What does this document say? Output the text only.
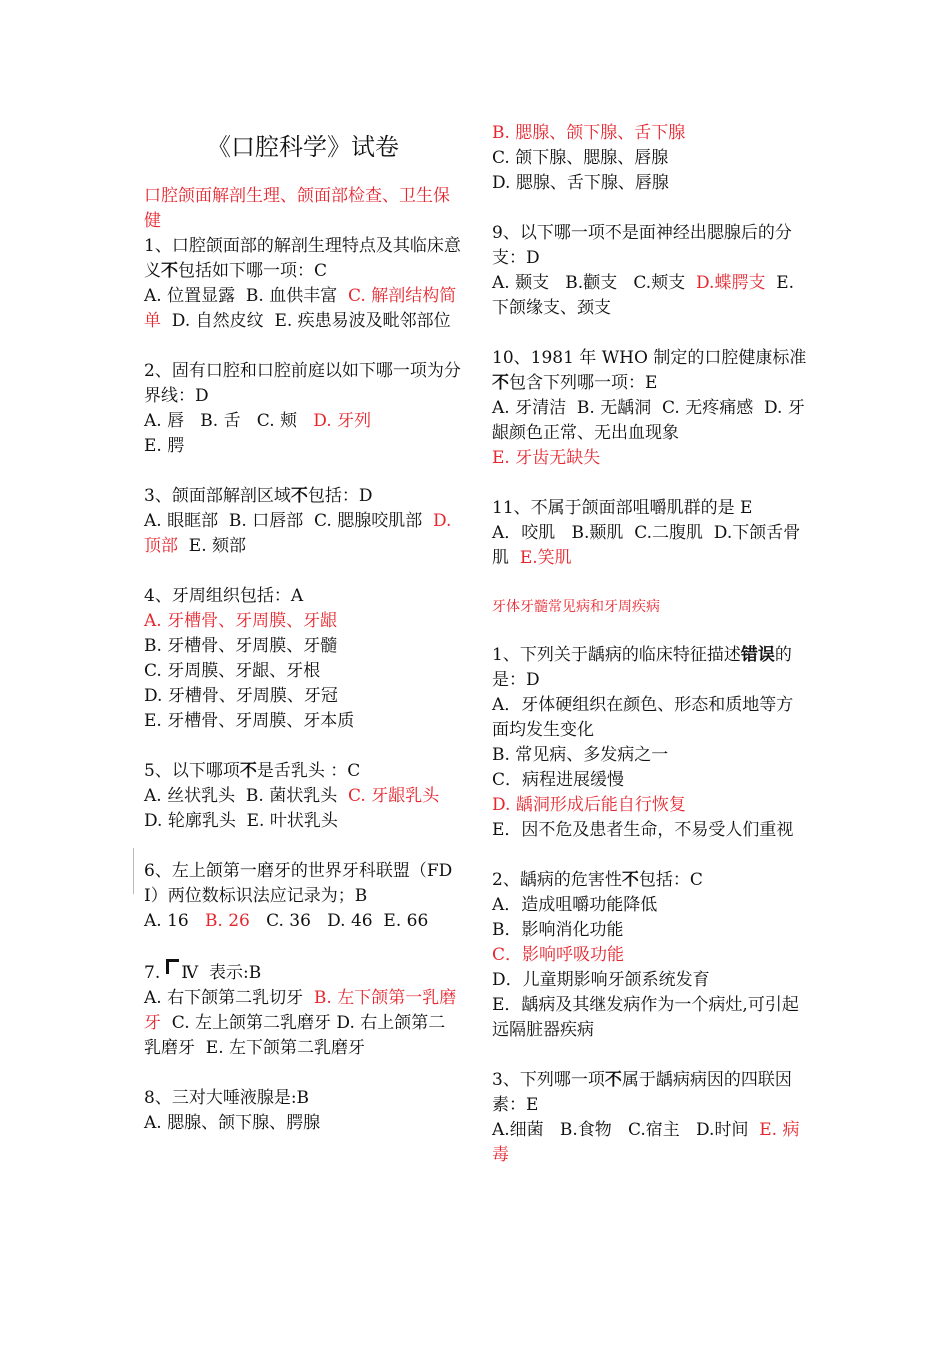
《口腔科学》试卷
口腔颌面解剖生理、颌面部检查、卫生保健

1、口腔颌面部的解剖生理特点及其临床意义不包括如下哪一项：C

A. 位置显露  B. 血供丰富  C. 解剖结构简单  D. 自然皮纹  E. 疾患易波及毗邻部位

2、固有口腔和口腔前庭以如下哪一项为分界线：D

A. 唇   B. 舌   C. 颊   D. 牙列

E. 腭

3、颌面部解剖区域不包括：D

A. 眼眶部  B. 口唇部  C. 腮腺咬肌部  D. 顶部  E. 颏部

4、牙周组织包括：A

A. 牙槽骨、牙周膜、牙龈

B. 牙槽骨、牙周膜、牙髓

C. 牙周膜、牙龈、牙根

D. 牙槽骨、牙周膜、牙冠

E. 牙槽骨、牙周膜、牙本质

5、以下哪项不是舌乳头 ：C

A. 丝状乳头  B. 菌状乳头  C. 牙龈乳头  D. 轮廓乳头  E. 叶状乳头

6、左上颌第一磨牙的世界牙科联盟（FDI）两位数标识法应记录为；B

A. 16   B. 26   C. 36   D. 46  E. 66

7. Ⅳ  表示:B

A. 右下颌第二乳切牙  B. 左下颌第一乳磨牙  C. 左上颌第二乳磨牙 D. 右上颌第二乳磨牙  E. 左下颌第二乳磨牙

8、三对大唾液腺是:B

A. 腮腺、颌下腺、腭腺

B. 腮腺、颌下腺、舌下腺

C. 颌下腺、腮腺、唇腺

D. 腮腺、舌下腺、唇腺

9、以下哪一项不是面神经出腮腺后的分支：D

A. 颞支   B.颧支   C.颊支  D.蝶腭支  E.下颌缘支、颈支

10、1981 年 WHO 制定的口腔健康标准不包含下列哪一项：E

A. 牙清洁  B. 无龋洞  C. 无疼痛感  D. 牙龈颜色正常、无出血现象

E. 牙齿无缺失

11、不属于颌面部咀嚼肌群的是 E

A．咬肌   B.颞肌  C.二腹肌  D.下颌舌骨肌  E.笑肌

牙体牙髓常见病和牙周疾病

1、下列关于龋病的临床特征描述错误的是：D

A．牙体硬组织在颜色、形态和质地等方面均发生变化

B. 常见病、多发病之一

C．病程进展缓慢

D. 龋洞形成后能自行恢复

E．因不危及患者生命，不易受人们重视

2、龋病的危害性不包括：C

A．造成咀嚼功能降低

B．影响消化功能

C．影响呼吸功能

D．儿童期影响牙颌系统发育

E．龋病及其继发病作为一个病灶,可引起远隔脏器疾病

3、下列哪一项不属于龋病病因的四联因素：E

A.细菌   B.食物   C.宿主   D.时间  E. 病毒
